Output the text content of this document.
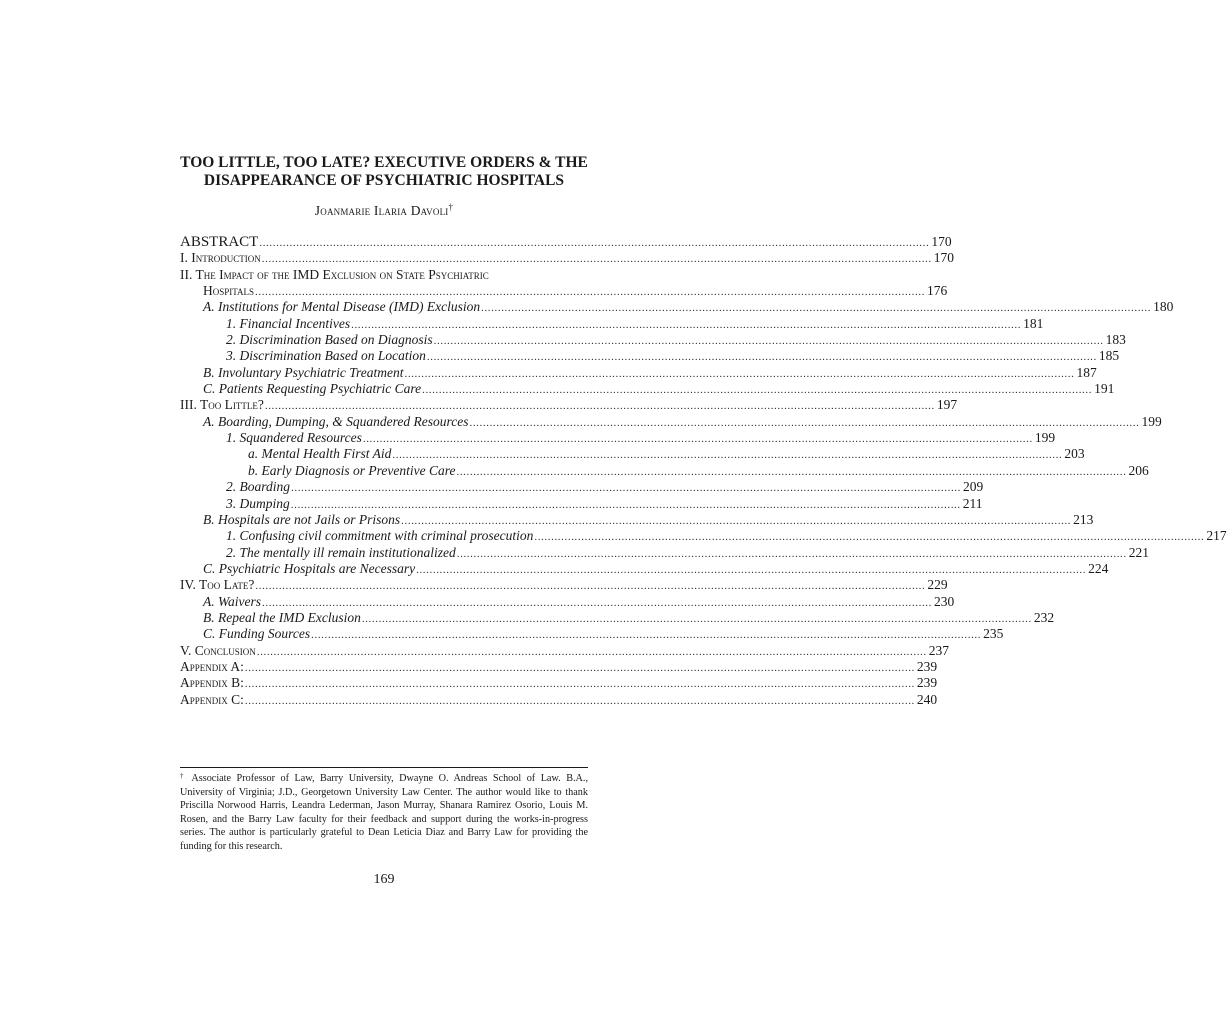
TOO LITTLE, TOO LATE? EXECUTIVE ORDERS & THE
DISAPPEARANCE OF PSYCHIATRIC HOSPITALS
Joanmarie Ilaria Davoli†
ABSTRACT ........................................................................................................................................................................................................ 170
I. Introduction ........................................................................................................................................................................................................ 170
II. The Impact of the IMD Exclusion on State Psychiatric
Hospitals ........................................................................................................................................................................................................ 176
A. Institutions for Mental Disease (IMD) Exclusion ........................................................................................................................................................................................................ 180
1. Financial Incentives ........................................................................................................................................................................................................ 181
2. Discrimination Based on Diagnosis ........................................................................................................................................................................................................ 183
3. Discrimination Based on Location ........................................................................................................................................................................................................ 185
B. Involuntary Psychiatric Treatment ........................................................................................................................................................................................................ 187
C. Patients Requesting Psychiatric Care ........................................................................................................................................................................................................ 191
III. Too Little? ........................................................................................................................................................................................................ 197
A. Boarding, Dumping, & Squandered Resources ........................................................................................................................................................................................................ 199
1. Squandered Resources ........................................................................................................................................................................................................ 199
a. Mental Health First Aid ........................................................................................................................................................................................................ 203
b. Early Diagnosis or Preventive Care ........................................................................................................................................................................................................ 206
2. Boarding ........................................................................................................................................................................................................ 209
3. Dumping ........................................................................................................................................................................................................ 211
B. Hospitals are not Jails or Prisons ........................................................................................................................................................................................................ 213
1. Confusing civil commitment with criminal prosecution ........................................................................................................................................................................................................ 217
2. The mentally ill remain institutionalized ........................................................................................................................................................................................................ 221
C. Psychiatric Hospitals are Necessary ........................................................................................................................................................................................................ 224
IV. Too Late? ........................................................................................................................................................................................................ 229
A. Waivers ........................................................................................................................................................................................................ 230
B. Repeal the IMD Exclusion ........................................................................................................................................................................................................ 232
C. Funding Sources ........................................................................................................................................................................................................ 235
V. Conclusion ........................................................................................................................................................................................................ 237
Appendix A: ........................................................................................................................................................................................................ 239
Appendix B: ........................................................................................................................................................................................................ 239
Appendix C: ........................................................................................................................................................................................................ 240
† Associate Professor of Law, Barry University, Dwayne O. Andreas School of Law. B.A., University of Virginia; J.D., Georgetown University Law Center. The author would like to thank Priscilla Norwood Harris, Leandra Lederman, Jason Murray, Shanara Ramirez Osorio, Louis M. Rosen, and the Barry Law faculty for their feedback and support during the works-in-progress series. The author is particularly grateful to Dean Leticia Diaz and Barry Law for providing the funding for this research.
169
